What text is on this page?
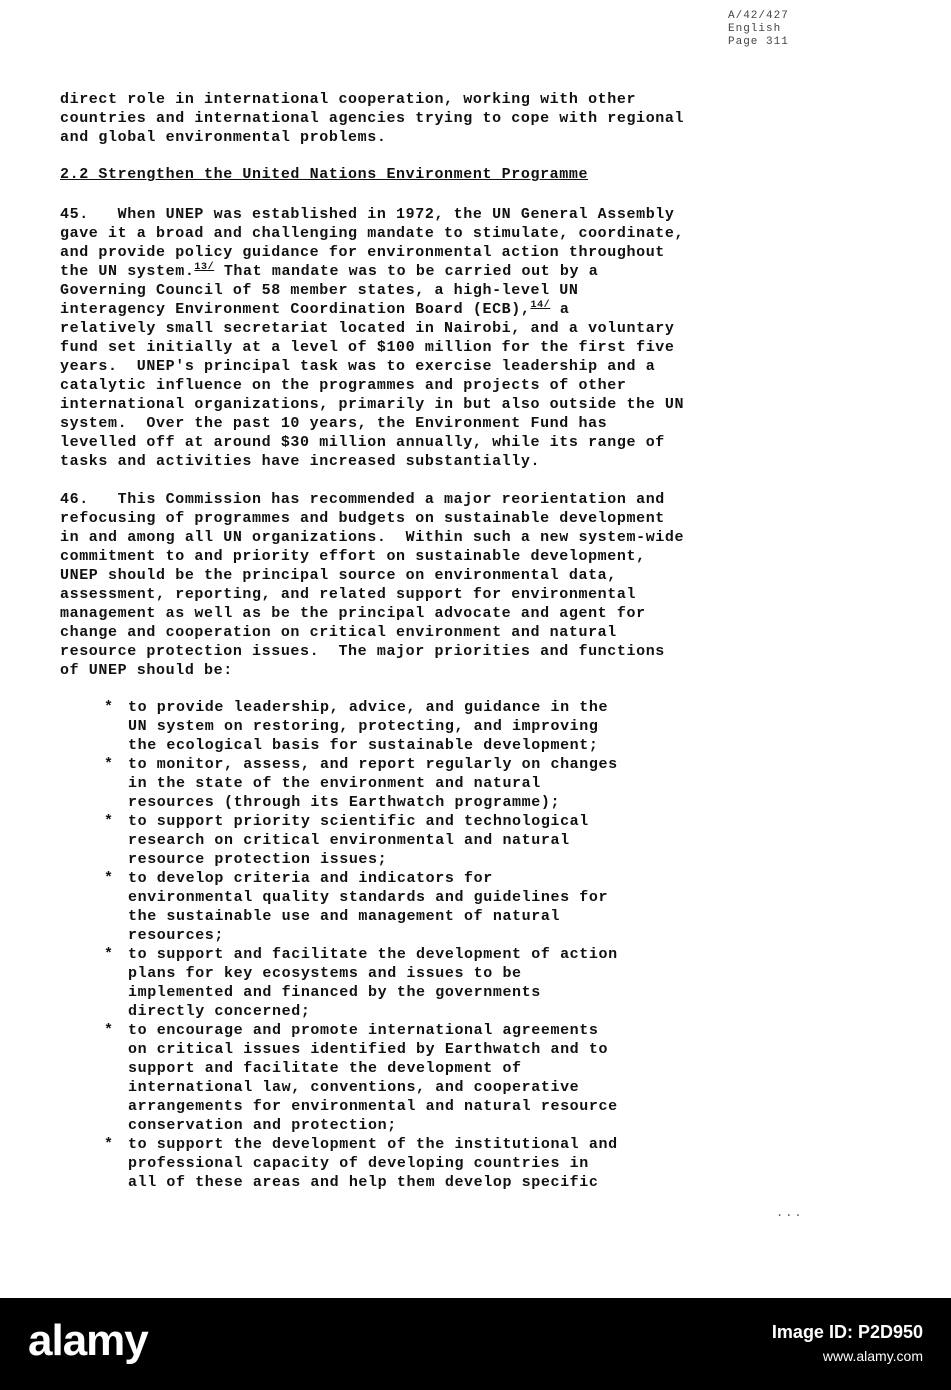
A/42/427
English
Page 311
direct role in international cooperation, working with other
countries and international agencies trying to cope with regional
and global environmental problems.
2.2 Strengthen the United Nations Environment Programme
45.   When UNEP was established in 1972, the UN General Assembly
gave it a broad and challenging mandate to stimulate, coordinate,
and provide policy guidance for environmental action throughout
the UN system.$^{13/}$ That mandate was to be carried out by a
Governing Council of 58 member states, a high-level UN
interagency Environment Coordination Board (ECB),$^{14/}$ a
relatively small secretariat located in Nairobi, and a voluntary
fund set initially at a level of $100 million for the first five
years.  UNEP's principal task was to exercise leadership and a
catalytic influence on the programmes and projects of other
international organizations, primarily in but also outside the UN
system.  Over the past 10 years, the Environment Fund has
levelled off at around $30 million annually, while its range of
tasks and activities have increased substantially.
46.   This Commission has recommended a major reorientation and
refocusing of programmes and budgets on sustainable development
in and among all UN organizations.  Within such a new system-wide
commitment to and priority effort on sustainable development,
UNEP should be the principal source on environmental data,
assessment, reporting, and related support for environmental
management as well as be the principal advocate and agent for
change and cooperation on critical environment and natural
resource protection issues.  The major priorities and functions
of UNEP should be:
* to provide leadership, advice, and guidance in the
UN system on restoring, protecting, and improving
the ecological basis for sustainable development;
* to monitor, assess, and report regularly on changes
in the state of the environment and natural
resources (through its Earthwatch programme);
* to support priority scientific and technological
research on critical environmental and natural
resource protection issues;
* to develop criteria and indicators for
environmental quality standards and guidelines for
the sustainable use and management of natural
resources;
* to support and facilitate the development of action
plans for key ecosystems and issues to be
implemented and financed by the governments
directly concerned;
* to encourage and promote international agreements
on critical issues identified by Earthwatch and to
support and facilitate the development of
international law, conventions, and cooperative
arrangements for environmental and natural resource
conservation and protection;
* to support the development of the institutional and
professional capacity of developing countries in
all of these areas and help them develop specific
...
alamy	Image ID: P2D950
www.alamy.com
